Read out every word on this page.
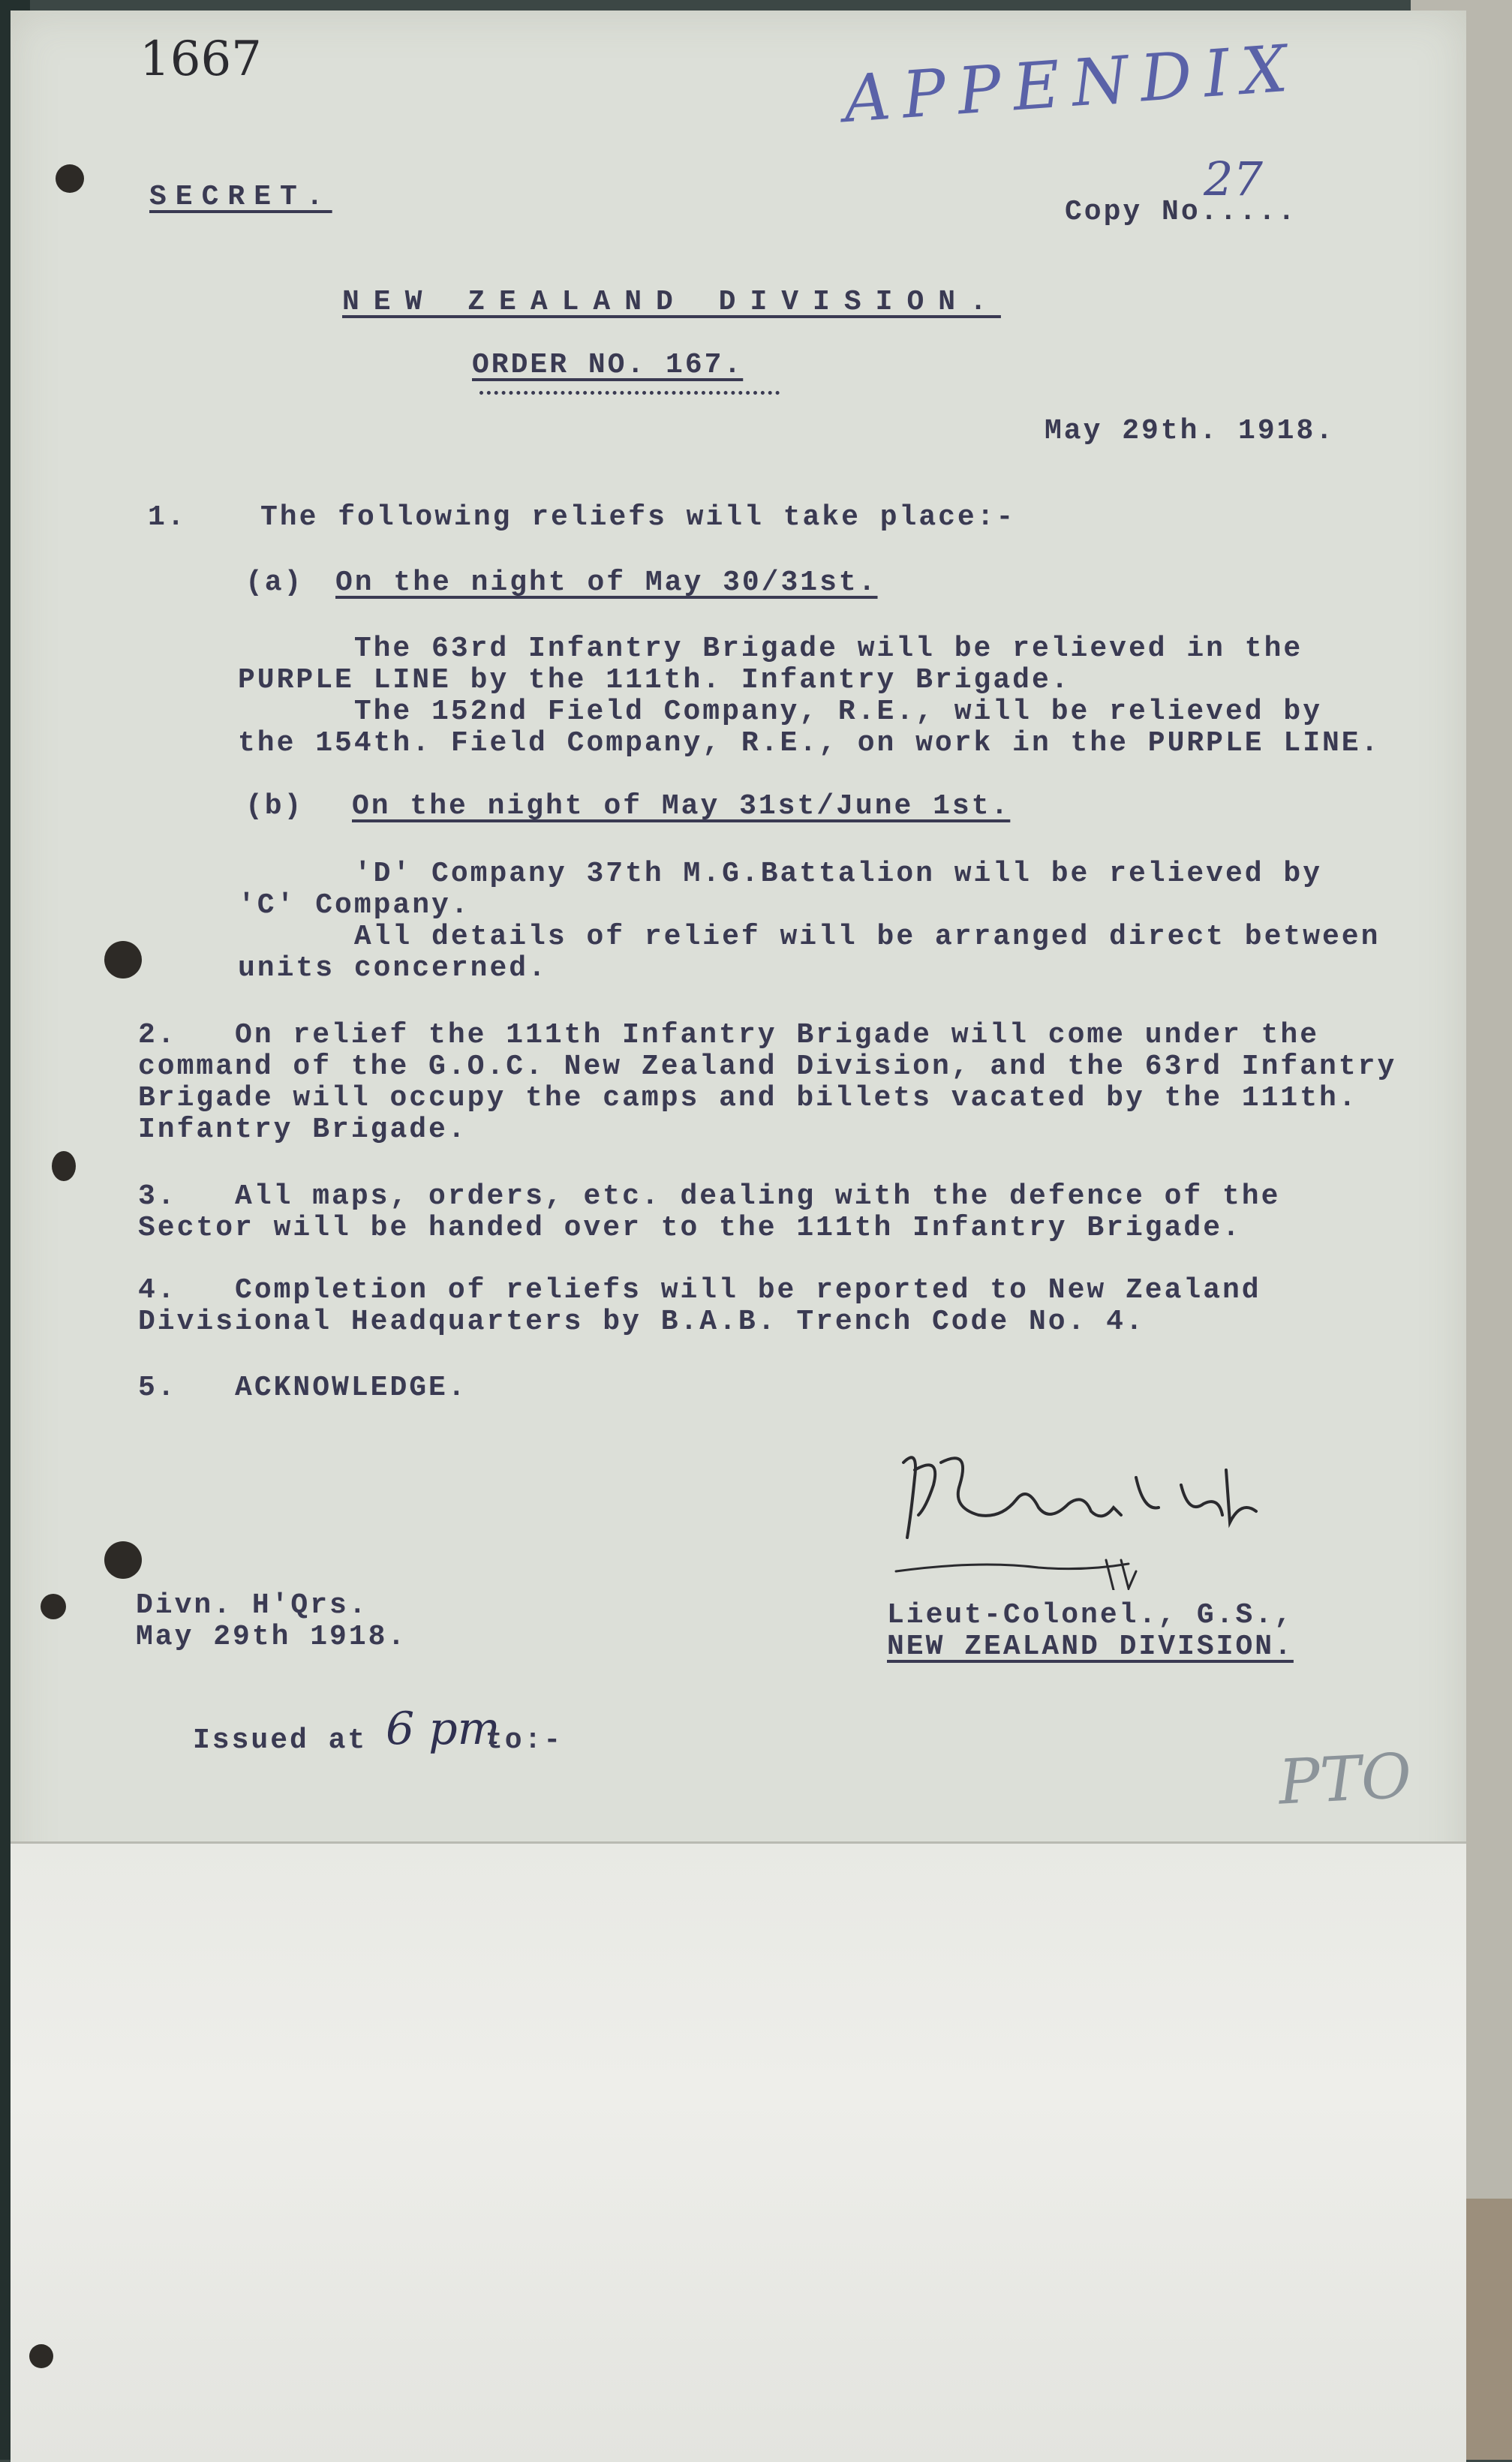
1667	APPENDIX
SECRET.	Copy No.....
27
NEW ZEALAND DIVISION.
ORDER NO. 167.
May 29th. 1918.
1.	The following reliefs will take place:-
(a) On the night of May 30/31st.
The 63rd Infantry Brigade will be relieved in the
PURPLE LINE by the 111th. Infantry Brigade.
The 152nd Field Company, R.E., will be relieved by
the 154th. Field Company, R.E., on work in the PURPLE LINE.
(b) On the night of May 31st/June 1st.
'D' Company 37th M.G.Battalion will be relieved by
'C' Company.
All details of relief will be arranged direct between
units concerned.
2.   On relief the 111th Infantry Brigade will come under the
command of the G.O.C. New Zealand Division, and the 63rd Infantry
Brigade will occupy the camps and billets vacated by the 111th.
Infantry Brigade.
3.   All maps, orders, etc. dealing with the defence of the
Sector will be handed over to the 111th Infantry Brigade.
4.   Completion of reliefs will be reported to New Zealand
Divisional Headquarters by B.A.B. Trench Code No. 4.
5.   ACKNOWLEDGE.
Divn. H'Qrs.
May 29th 1918.
Lieut-Colonel., G.S.,
NEW ZEALAND DIVISION.
Issued at 6 pm
to:-	PTO
